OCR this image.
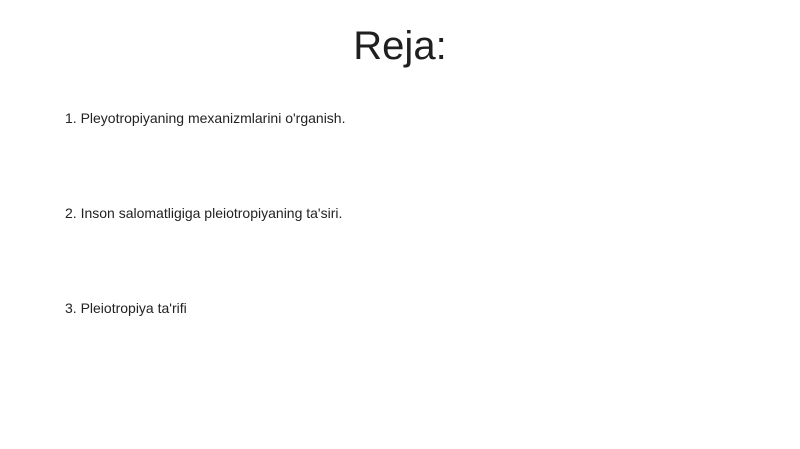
Reja:
1. Pleyotropiyaning mexanizmlarini o'rganish.
2. Inson salomatligiga pleiotropiyaning ta'siri.
3. Pleiotropiya ta'rifi
